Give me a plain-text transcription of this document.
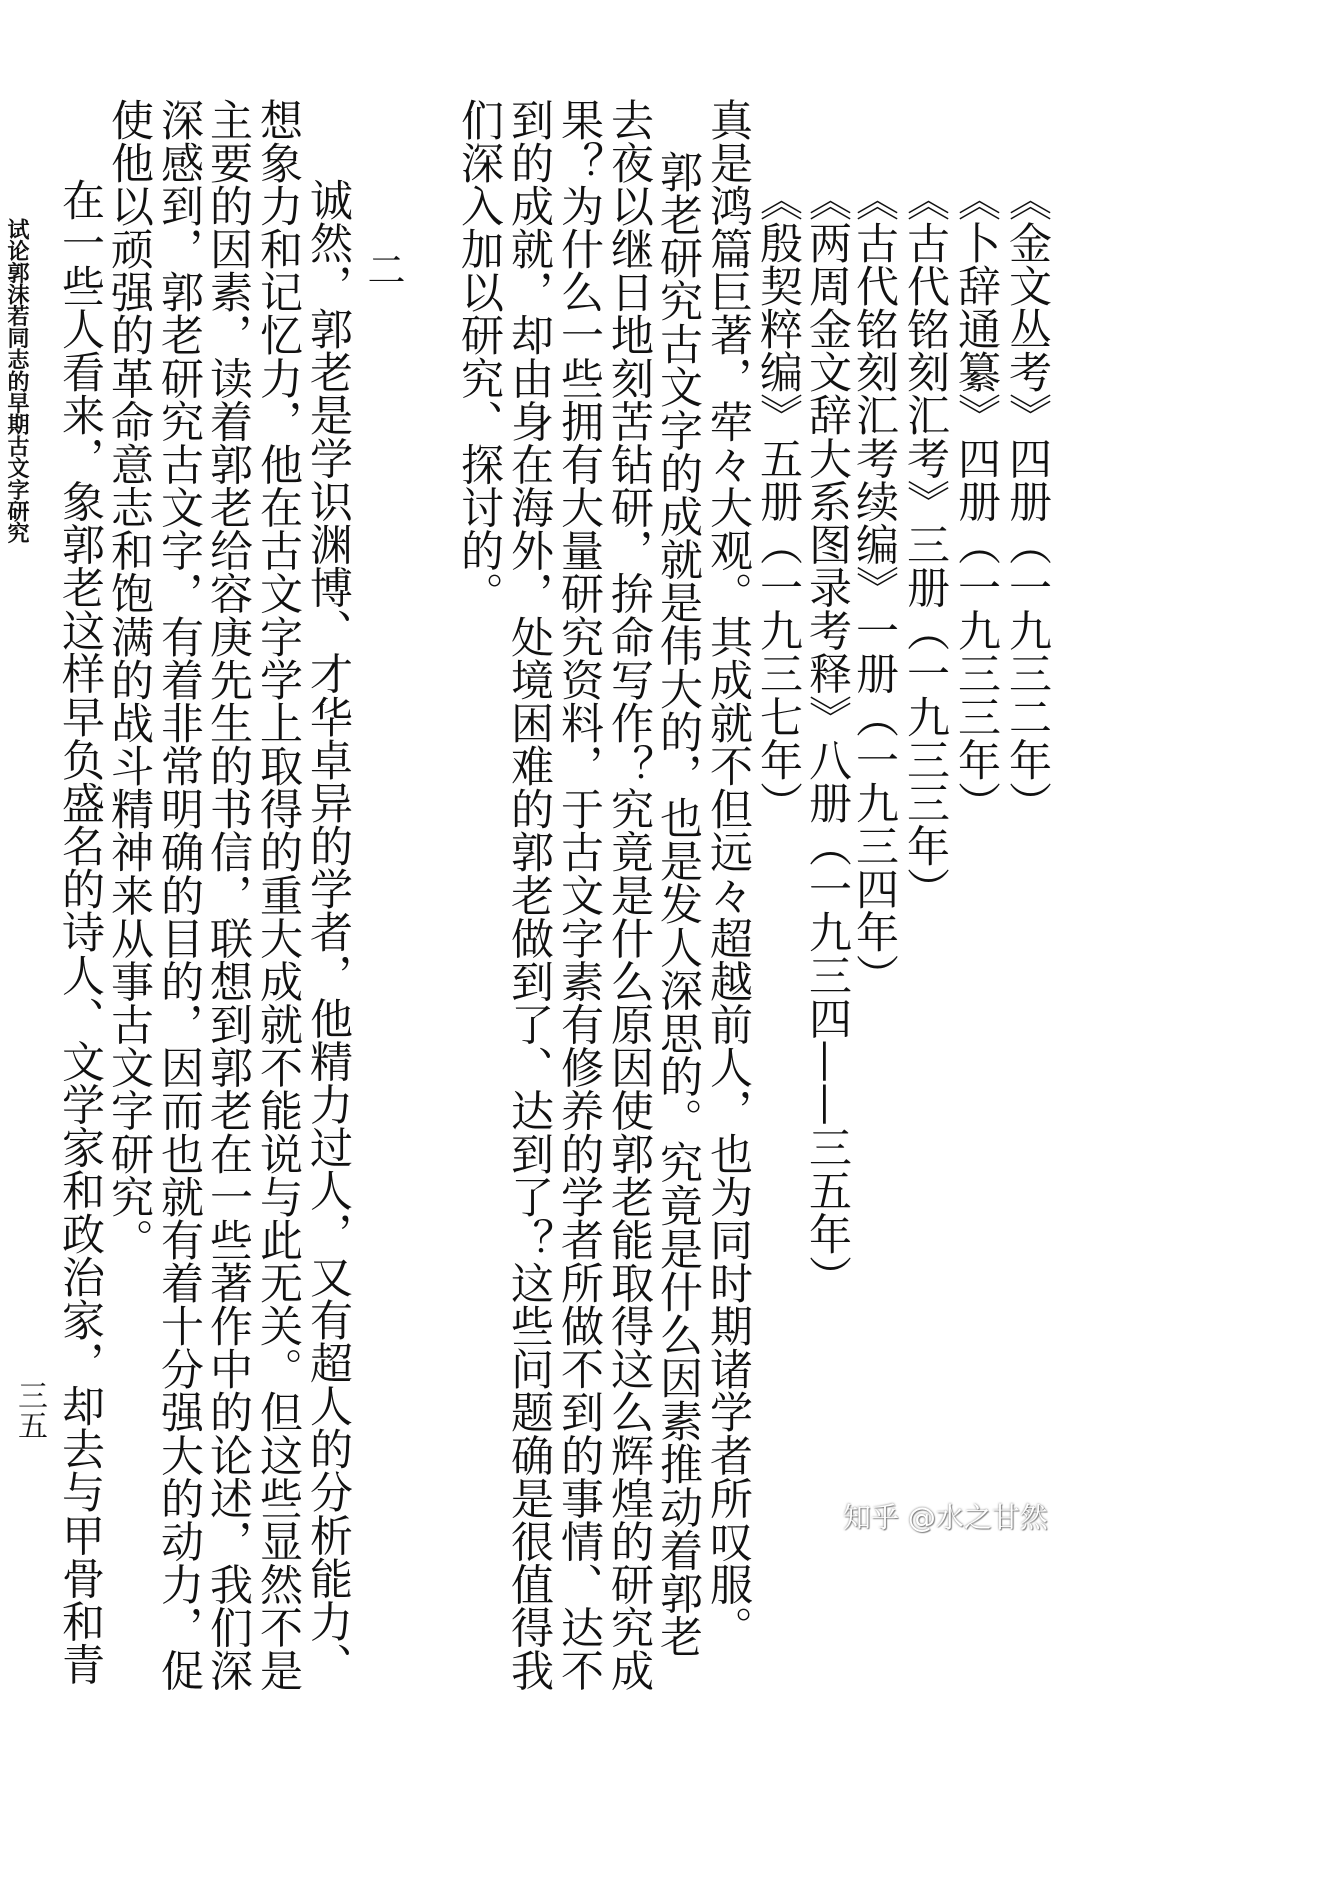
试论郭沫若同志的早期古文字研究
三五
《金文丛考》四册（一九三二年）
《卜辞通纂》四册（一九三三年）
《古代铭刻汇考》三册（一九三三年）
《古代铭刻汇考续编》一册（一九三四年）
《两周金文辞大系图录考释》八册（一九三四——三五年）
《殷契粹编》五册（一九三七年）
真是鸿篇巨著，荦々大观。其成就不但远々超越前人，也为同时期诸学者所叹服。
郭老研究古文字的成就是伟大的，也是发人深思的。究竟是什么因素推动着郭老
去夜以继日地刻苦钻研，拚命写作？究竟是什么原因使郭老能取得这么辉煌的研究成
果？为什么一些拥有大量研究资料，于古文字素有修养的学者所做不到的事情、达不
到的成就，却由身在海外，处境困难的郭老做到了、达到了？这些问题确是很值得我
们深入加以研究、探讨的。
二
诚然，郭老是学识渊博、才华卓异的学者，他精力过人，又有超人的分析能力、
想象力和记忆力，他在古文字学上取得的重大成就不能说与此无关。但这些显然不是
主要的因素，读着郭老给容庚先生的书信，联想到郭老在一些著作中的论述，我们深
深感到，郭老研究古文字，有着非常明确的目的，因而也就有着十分强大的动力，促
使他以顽强的革命意志和饱满的战斗精神来从事古文字研究。
在一些人看来，象郭老这样早负盛名的诗人、文学家和政治家，却去与甲骨和青	知乎 @水之甘然
